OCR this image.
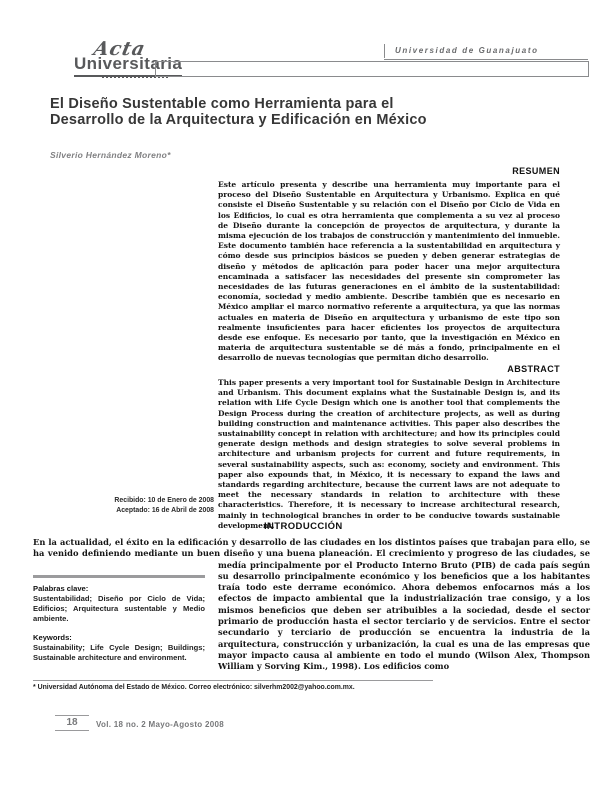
Acta
Universitaria
Universidad de Guanajuato
El Diseño Sustentable como Herramienta para el Desarrollo de la Arquitectura y Edificación en México
Silverio Hernández Moreno*
RESUMEN
Este artículo presenta y describe una herramienta muy importante para el proceso del Diseño Sustentable en Arquitectura y Urbanismo. Explica en qué consiste el Diseño Sustentable y su relación con el Diseño por Ciclo de Vida en los Edificios, lo cual es otra herramienta que complementa a su vez al proceso de Diseño durante la concepción de proyectos de arquitectura, y durante la misma ejecución de los trabajos de construcción y mantenimiento del inmueble. Este documento también hace referencia a la sustentabilidad en arquitectura y cómo desde sus principios básicos se pueden y deben generar estrategias de diseño y métodos de aplicación para poder hacer una mejor arquitectura encaminada a satisfacer las necesidades del presente sin comprometer las necesidades de las futuras generaciones en el ámbito de la sustentabilidad: economía, sociedad y medio ambiente. Describe también que es necesario en México ampliar el marco normativo referente a arquitectura, ya que las normas actuales en materia de Diseño en arquitectura y urbanismo de este tipo son realmente insuficientes para hacer eficientes los proyectos de arquitectura desde ese enfoque. Es necesario por tanto, que la investigación en México en materia de arquitectura sustentable se dé más a fondo, principalmente en el desarrollo de nuevas tecnologías que permitan dicho desarrollo.
ABSTRACT
This paper presents a very important tool for Sustainable Design in Architecture and Urbanism. This document explains what the Sustainable Design is, and its relation with Life Cycle Design which one is another tool that complements the Design Process during the creation of architecture projects, as well as during building construction and maintenance activities. This paper also describes the sustainability concept in relation with architecture; and how its principles could generate design methods and design strategies to solve several problems in architecture and urbanism projects for current and future requirements, in several sustainability aspects, such as: economy, society and environment. This paper also expounds that, in México, it is necessary to expand the laws and standards regarding architecture, because the current laws are not adequate to meet the necessary standards in relation to architecture with these characteristics. Therefore, it is necessary to increase architectural research, mainly in technological branches in order to be conducive towards sustainable development.
Recibido: 10 de Enero de 2008
Aceptado: 16 de Abril de 2008
INTRODUCCIÓN
Palabras clave:
Sustentabilidad; Diseño por Ciclo de Vida; Edificios; Arquitectura sustentable y Medio ambiente.
Keywords:
Sustainability; Life Cycle Design; Buildings; Sustainable architecture and environment.
En la actualidad, el éxito en la edificación y desarrollo de las ciudades en los distintos países que trabajan para ello, se ha venido definiendo mediante un buen diseño y una buena planeación. El crecimiento y progreso de las ciudades, se medía principalmente por el Producto Interno Bruto (PIB) de cada país según su desarrollo principalmente económico y los beneficios que a los habitantes traía todo este derrame económico. Ahora debemos enfocarnos más a los efectos de impacto ambiental que la industrialización trae consigo, y a los mismos beneficios que deben ser atribuibles a la sociedad, desde el sector primario de producción hasta el sector terciario y de servicios. Entre el sector secundario y terciario de producción se encuentra la industria de la arquitectura, construcción y urbanización, la cual es una de las empresas que mayor impacto causa al ambiente en todo el mundo (Wilson Alex, Thompson William y Sorving Kim., 1998). Los edificios como
* Universidad Autónoma del Estado de México. Correo electrónico: silverhm2002@yahoo.com.mx.
18	Vol. 18 no. 2 Mayo-Agosto 2008
